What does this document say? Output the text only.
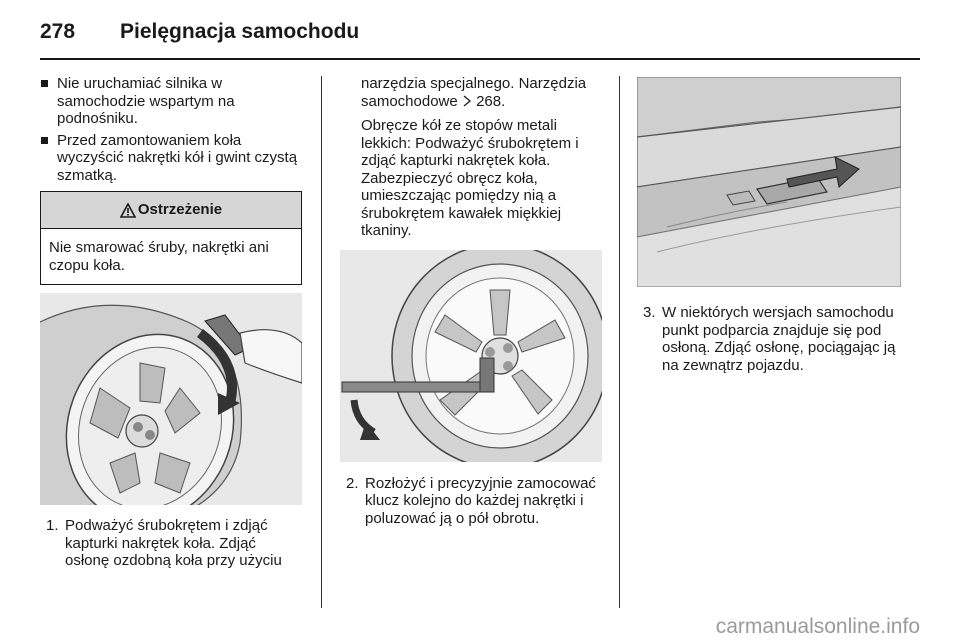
278 Pielęgnacja samochodu
Nie uruchamiać silnika w samochodzie wspartym na podnośniku.
Przed zamontowaniem koła wyczyścić nakrętki kół i gwint czystą szmatką.
Ostrzeżenie
Nie smarować śruby, nakrętki ani czopu koła.
1. Podważyć śrubokrętem i zdjąć kapturki nakrętek koła. Zdjąć osłonę ozdobną koła przy użyciu

narzędzia specjalnego. Narzędzia samochodowe  268.

Obręcze kół ze stopów metali lekkich: Podważyć śrubokrętem i zdjąć kapturki nakrętek koła. Zabezpieczyć obręcz koła, umieszczając pomiędzy nią a śrubokrętem kawałek miękkiej tkaniny.

2. Rozłożyć i precyzyjnie zamocować klucz kolejno do każdej nakrętki i poluzować ją o pół obrotu.
3. W niektórych wersjach samochodu punkt podparcia znajduje się pod osłoną. Zdjąć osłonę, pociągając ją na zewnątrz pojazdu.
carmanualsonline.info
